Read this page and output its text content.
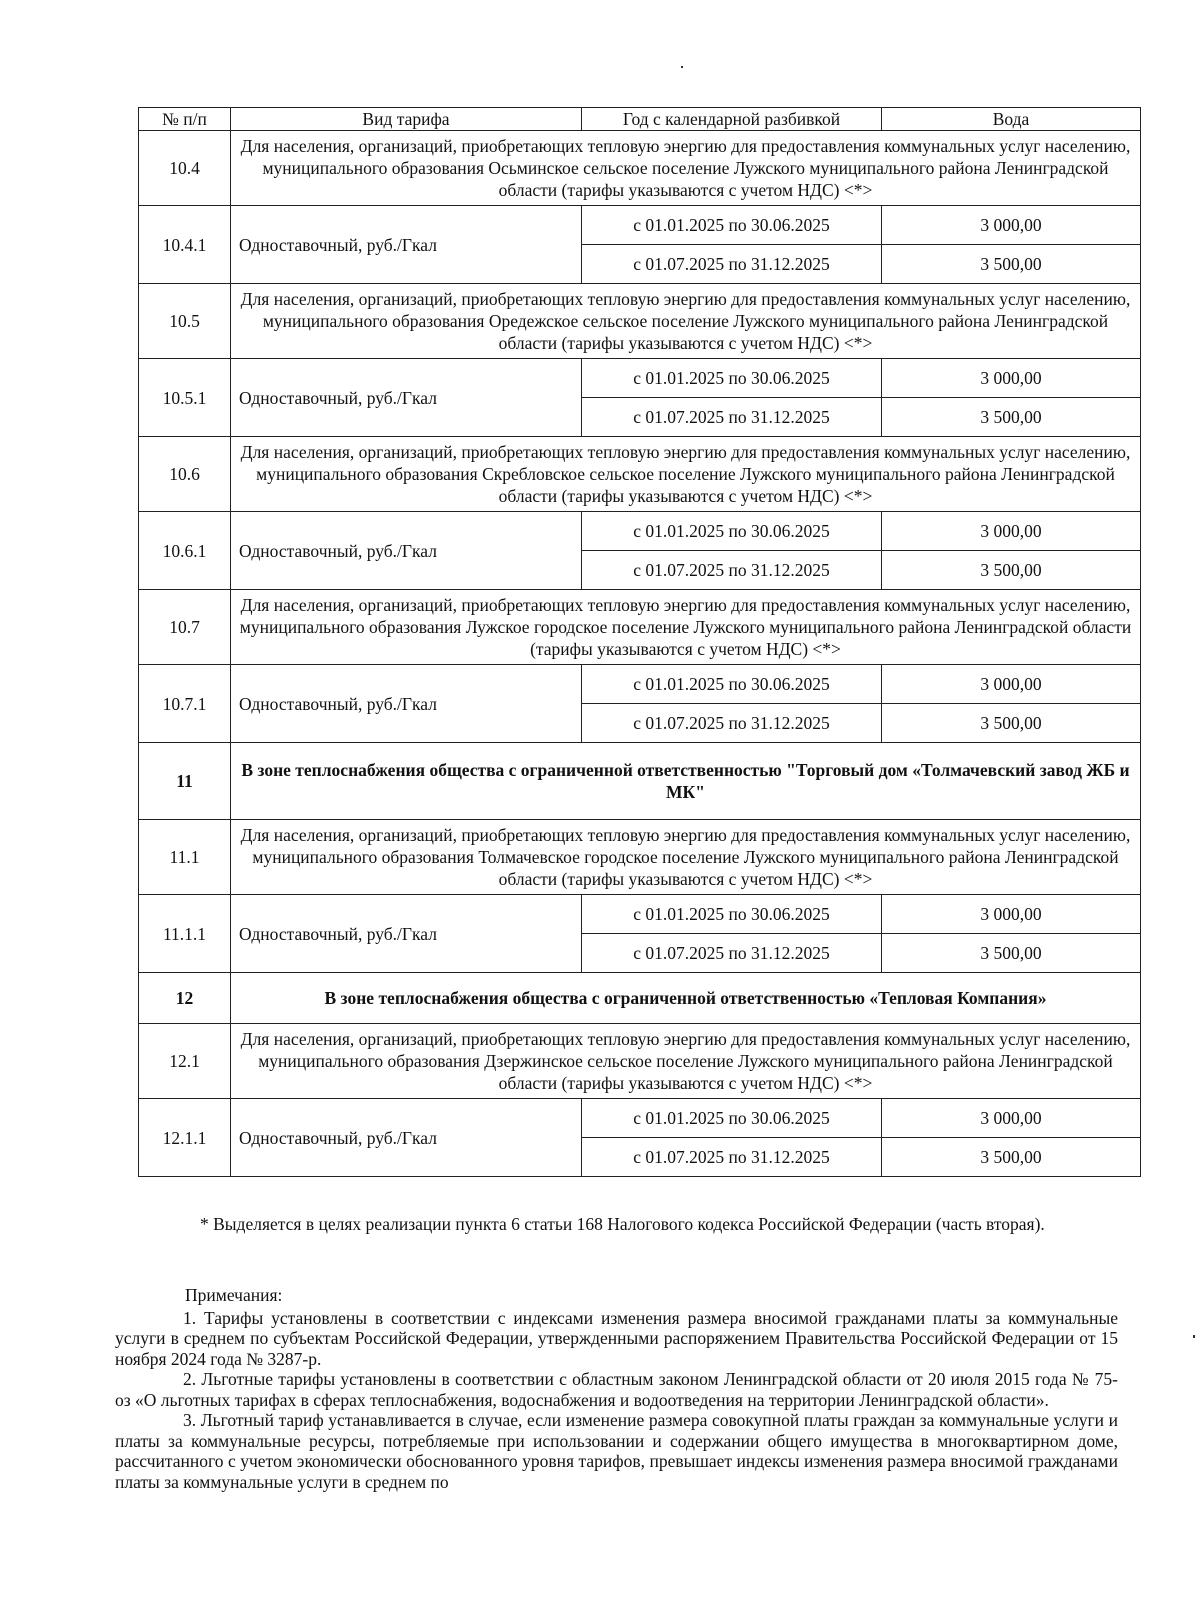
№ п/п	Вид тарифа	Год с календарной разбивкой	Вода
10.4	Для населения, организаций, приобретающих тепловую энергию для предоставления коммунальных услуг населению, муниципального образования Осьминское сельское поселение Лужского муниципального района Ленинградской области (тарифы указываются с учетом НДС) <*>		
10.4.1	Одноставочный, руб./Гкал	с 01.01.2025 по 30.06.2025	3 000,00
		с 01.07.2025 по 31.12.2025	3 500,00
10.5	Для населения, организаций, приобретающих тепловую энергию для предоставления коммунальных услуг населению, муниципального образования Оредежское сельское поселение Лужского муниципального района Ленинградской области (тарифы указываются с учетом НДС) <*>		
10.5.1	Одноставочный, руб./Гкал	с 01.01.2025 по 30.06.2025	3 000,00
		с 01.07.2025 по 31.12.2025	3 500,00
10.6	Для населения, организаций, приобретающих тепловую энергию для предоставления коммунальных услуг населению, муниципального образования Скребловское сельское поселение Лужского муниципального района Ленинградской области (тарифы указываются с учетом НДС) <*>		
10.6.1	Одноставочный, руб./Гкал	с 01.01.2025 по 30.06.2025	3 000,00
		с 01.07.2025 по 31.12.2025	3 500,00
10.7	Для населения, организаций, приобретающих тепловую энергию для предоставления коммунальных услуг населению, муниципального образования Лужское городское поселение Лужского муниципального района Ленинградской области (тарифы указываются с учетом НДС) <*>		
10.7.1	Одноставочный, руб./Гкал	с 01.01.2025 по 30.06.2025	3 000,00
		с 01.07.2025 по 31.12.2025	3 500,00
11	В зоне теплоснабжения общества с ограниченной ответственностью "Торговый дом «Толмачевский завод ЖБ и МК"		
11.1	Для населения, организаций, приобретающих тепловую энергию для предоставления коммунальных услуг населению, муниципального образования Толмачевское городское поселение Лужского муниципального района Ленинградской области (тарифы указываются с учетом НДС) <*>		
11.1.1	Одноставочный, руб./Гкал	с 01.01.2025 по 30.06.2025	3 000,00
		с 01.07.2025 по 31.12.2025	3 500,00
12	В зоне теплоснабжения общества с ограниченной ответственностью «Тепловая Компания»		
12.1	Для населения, организаций, приобретающих тепловую энергию для предоставления коммунальных услуг населению, муниципального образования Дзержинское сельское поселение Лужского муниципального района Ленинградской области (тарифы указываются с учетом НДС) <*>		
12.1.1	Одноставочный, руб./Гкал	с 01.01.2025 по 30.06.2025	3 000,00
		с 01.07.2025 по 31.12.2025	3 500,00

* Выделяется в целях реализации пункта 6 статьи 168 Налогового кодекса Российской Федерации (часть вторая).

Примечания:

1. Тарифы установлены в соответствии с индексами изменения размера вносимой гражданами платы за коммунальные услуги в среднем по субъектам Российской Федерации, утвержденными распоряжением Правительства Российской Федерации от 15 ноября 2024 года № 3287-р.

2. Льготные тарифы установлены в соответствии с областным законом Ленинградской области от 20 июля 2015 года № 75-оз «О льготных тарифах в сферах теплоснабжения, водоснабжения и водоотведения на территории Ленинградской области».

3. Льготный тариф устанавливается в случае, если изменение размера совокупной платы граждан за коммунальные услуги и платы за коммунальные ресурсы, потребляемые при использовании и содержании общего имущества в многоквартирном доме, рассчитанного с учетом экономически обоснованного уровня тарифов, превышает индексы изменения размера вносимой гражданами платы за коммунальные услуги в среднем по
